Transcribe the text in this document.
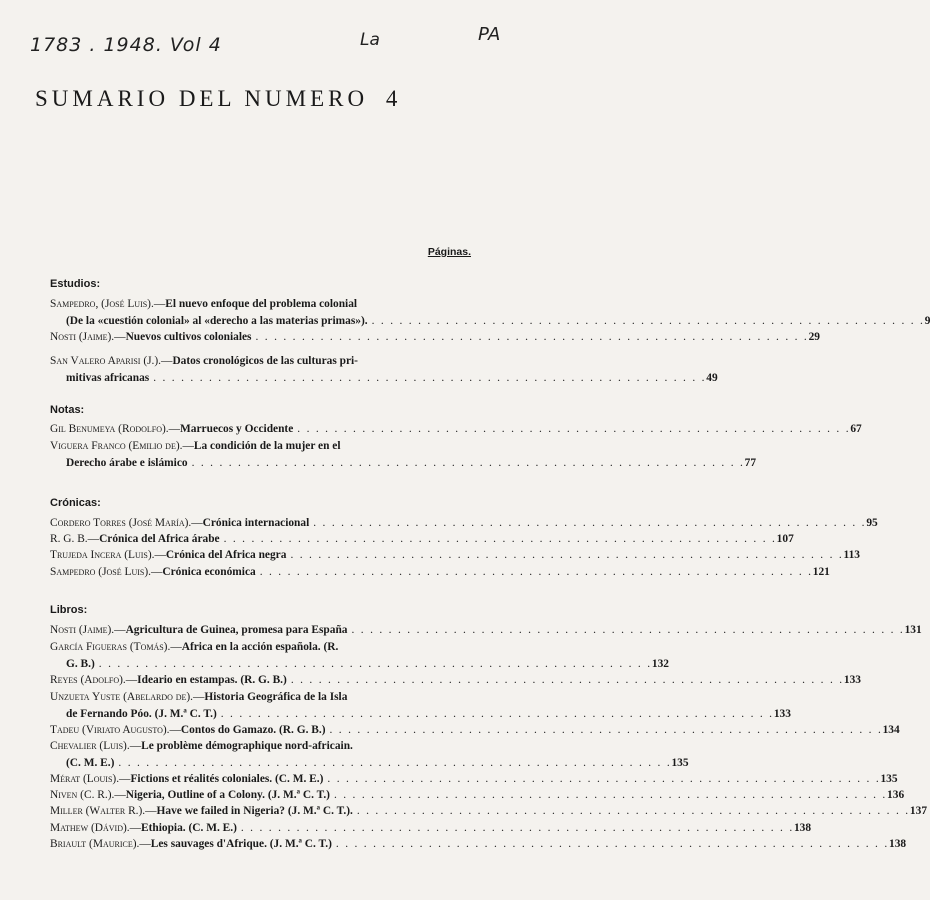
1783 . 1948. Vol 4	La	PA
SUMARIO DEL NUMERO 4
Páginas.
Estudios:
Sampedro, (José Luis).—El nuevo enfoque del problema colonial
(De la «cuestión colonial» al «derecho a las materias primas»). . . . . . . . . . . . . . . . . . . . . . . . . . . . . . . . . . . . . . . . . . . . . . . . . . . . . . . . . . . . . 9
Nosti (Jaime).—Nuevos cultivos coloniales . . . . . . . . . . . . . . . . . . . . . . . . . . . . . . . . . . . . . . . . . . . . . . . . . . . . . . . . . . . . 29
San Valero Aparisi (J.).—Datos cronológicos de las culturas pri-
mitivas africanas . . . . . . . . . . . . . . . . . . . . . . . . . . . . . . . . . . . . . . . . . . . . . . . . . . . . . . . . . . . . 49
Notas:
Gil Benumeya (Rodolfo).—Marruecos y Occidente . . . . . . . . . . . . . . . . . . . . . . . . . . . . . . . . . . . . . . . . . . . . . . . . . . . . . . . . . . . . 67
Viguera Franco (Emilio de).—La condición de la mujer en el
Derecho árabe e islámico . . . . . . . . . . . . . . . . . . . . . . . . . . . . . . . . . . . . . . . . . . . . . . . . . . . . . . . . . . . . 77
Crónicas:
Cordero Torres (José María).—Crónica internacional . . . . . . . . . . . . . . . . . . . . . . . . . . . . . . . . . . . . . . . . . . . . . . . . . . . . . . . . . . . . 95
R. G. B.—Crónica del Africa árabe . . . . . . . . . . . . . . . . . . . . . . . . . . . . . . . . . . . . . . . . . . . . . . . . . . . . . . . . . . . . 107
Trujeda Incera (Luis).—Crónica del Africa negra . . . . . . . . . . . . . . . . . . . . . . . . . . . . . . . . . . . . . . . . . . . . . . . . . . . . . . . . . . . . 113
Sampedro (José Luis).—Crónica económica . . . . . . . . . . . . . . . . . . . . . . . . . . . . . . . . . . . . . . . . . . . . . . . . . . . . . . . . . . . . 121
Libros:
Nosti (Jaime).—Agricultura de Guinea, promesa para España . . . . . . . . . . . . . . . . . . . . . . . . . . . . . . . . . . . . . . . . . . . . . . . . . . . . . . . . . . . . 131
García Figueras (Tomás).—Africa en la acción española. (R.
G. B.) . . . . . . . . . . . . . . . . . . . . . . . . . . . . . . . . . . . . . . . . . . . . . . . . . . . . . . . . . . . . 132
Reyes (Adolfo).—Ideario en estampas. (R. G. B.) . . . . . . . . . . . . . . . . . . . . . . . . . . . . . . . . . . . . . . . . . . . . . . . . . . . . . . . . . . . . 133
Unzueta Yuste (Abelardo de).—Historia Geográfica de la Isla
de Fernando Póo. (J. M.ª C. T.) . . . . . . . . . . . . . . . . . . . . . . . . . . . . . . . . . . . . . . . . . . . . . . . . . . . . . . . . . . . . 133
Tadeu (Viriato Augusto).—Contos do Gamazo. (R. G. B.) . . . . . . . . . . . . . . . . . . . . . . . . . . . . . . . . . . . . . . . . . . . . . . . . . . . . . . . . . . . . 134
Chevalier (Luis).—Le problème démographique nord-africain.
(C. M. E.) . . . . . . . . . . . . . . . . . . . . . . . . . . . . . . . . . . . . . . . . . . . . . . . . . . . . . . . . . . . . 135
Mérat (Louis).—Fictions et réalités coloniales. (C. M. E.) . . . . . . . . . . . . . . . . . . . . . . . . . . . . . . . . . . . . . . . . . . . . . . . . . . . . . . . . . . . . 135
Niven (C. R.).—Nigeria, Outline of a Colony. (J. M.ª C. T.) . . . . . . . . . . . . . . . . . . . . . . . . . . . . . . . . . . . . . . . . . . . . . . . . . . . . . . . . . . . . 136
Miller (Walter R.).—Have we failed in Nigeria? (J. M.ª C. T.). . . . . . . . . . . . . . . . . . . . . . . . . . . . . . . . . . . . . . . . . . . . . . . . . . . . . . . . . . . . . 137
Mathew (Dávid).—Ethiopia. (C. M. E.) . . . . . . . . . . . . . . . . . . . . . . . . . . . . . . . . . . . . . . . . . . . . . . . . . . . . . . . . . . . . 138
Briault (Maurice).—Les sauvages d'Afrique. (J. M.ª C. T.) . . . . . . . . . . . . . . . . . . . . . . . . . . . . . . . . . . . . . . . . . . . . . . . . . . . . . . . . . . . . 138
